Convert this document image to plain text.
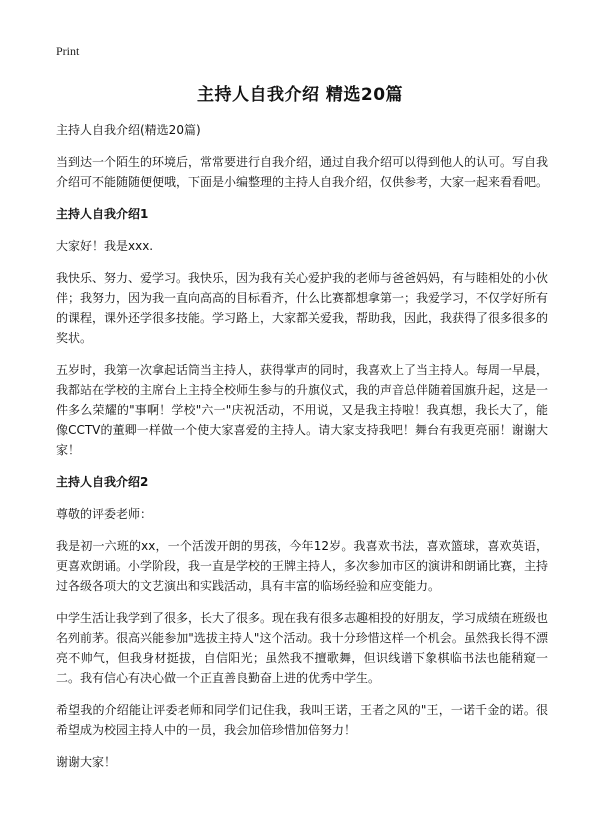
Print
主持人自我介绍 精选20篇

主持人自我介绍(精选20篇)

当到达一个陌生的环境后，常常要进行自我介绍，通过自我介绍可以得到他人的认可。写自我介绍可不能随随便便哦，下面是小编整理的主持人自我介绍，仅供参考，大家一起来看看吧。

主持人自我介绍1

大家好！我是xxx.

我快乐、努力、爱学习。我快乐，因为我有关心爱护我的老师与爸爸妈妈，有与睦相处的小伙伴；我努力，因为我一直向高高的目标看齐，什么比赛都想拿第一；我爱学习，不仅学好所有的课程，课外还学很多技能。学习路上，大家都关爱我，帮助我，因此，我获得了很多很多的奖状。

五岁时，我第一次拿起话筒当主持人，获得掌声的同时，我喜欢上了当主持人。每周一早晨，我都站在学校的主席台上主持全校师生参与的升旗仪式，我的声音总伴随着国旗升起，这是一件多么荣耀的"事啊！学校"六一"庆祝活动，不用说，又是我主持啦！我真想，我长大了，能像CCTV的董卿一样做一个使大家喜爱的主持人。请大家支持我吧！舞台有我更亮丽！谢谢大家！

主持人自我介绍2

尊敬的评委老师：

我是初一六班的xx，一个活泼开朗的男孩，今年12岁。我喜欢书法，喜欢篮球，喜欢英语，更喜欢朗诵。小学阶段，我一直是学校的王牌主持人，多次参加市区的演讲和朗诵比赛，主持过各级各项大的文艺演出和实践活动，具有丰富的临场经验和应变能力。

中学生活让我学到了很多，长大了很多。现在我有很多志趣相投的好朋友，学习成绩在班级也名列前茅。很高兴能参加"选拔主持人"这个活动。我十分珍惜这样一个机会。虽然我长得不漂亮不帅气，但我身材挺拔，自信阳光；虽然我不擅歌舞，但识线谱下象棋临书法也能稍窥一二。我有信心有决心做一个正直善良勤奋上进的优秀中学生。

希望我的介绍能让评委老师和同学们记住我，我叫王诺，王者之风的"王，一诺千金的诺。很希望成为校园主持人中的一员，我会加倍珍惜加倍努力！

谢谢大家！
